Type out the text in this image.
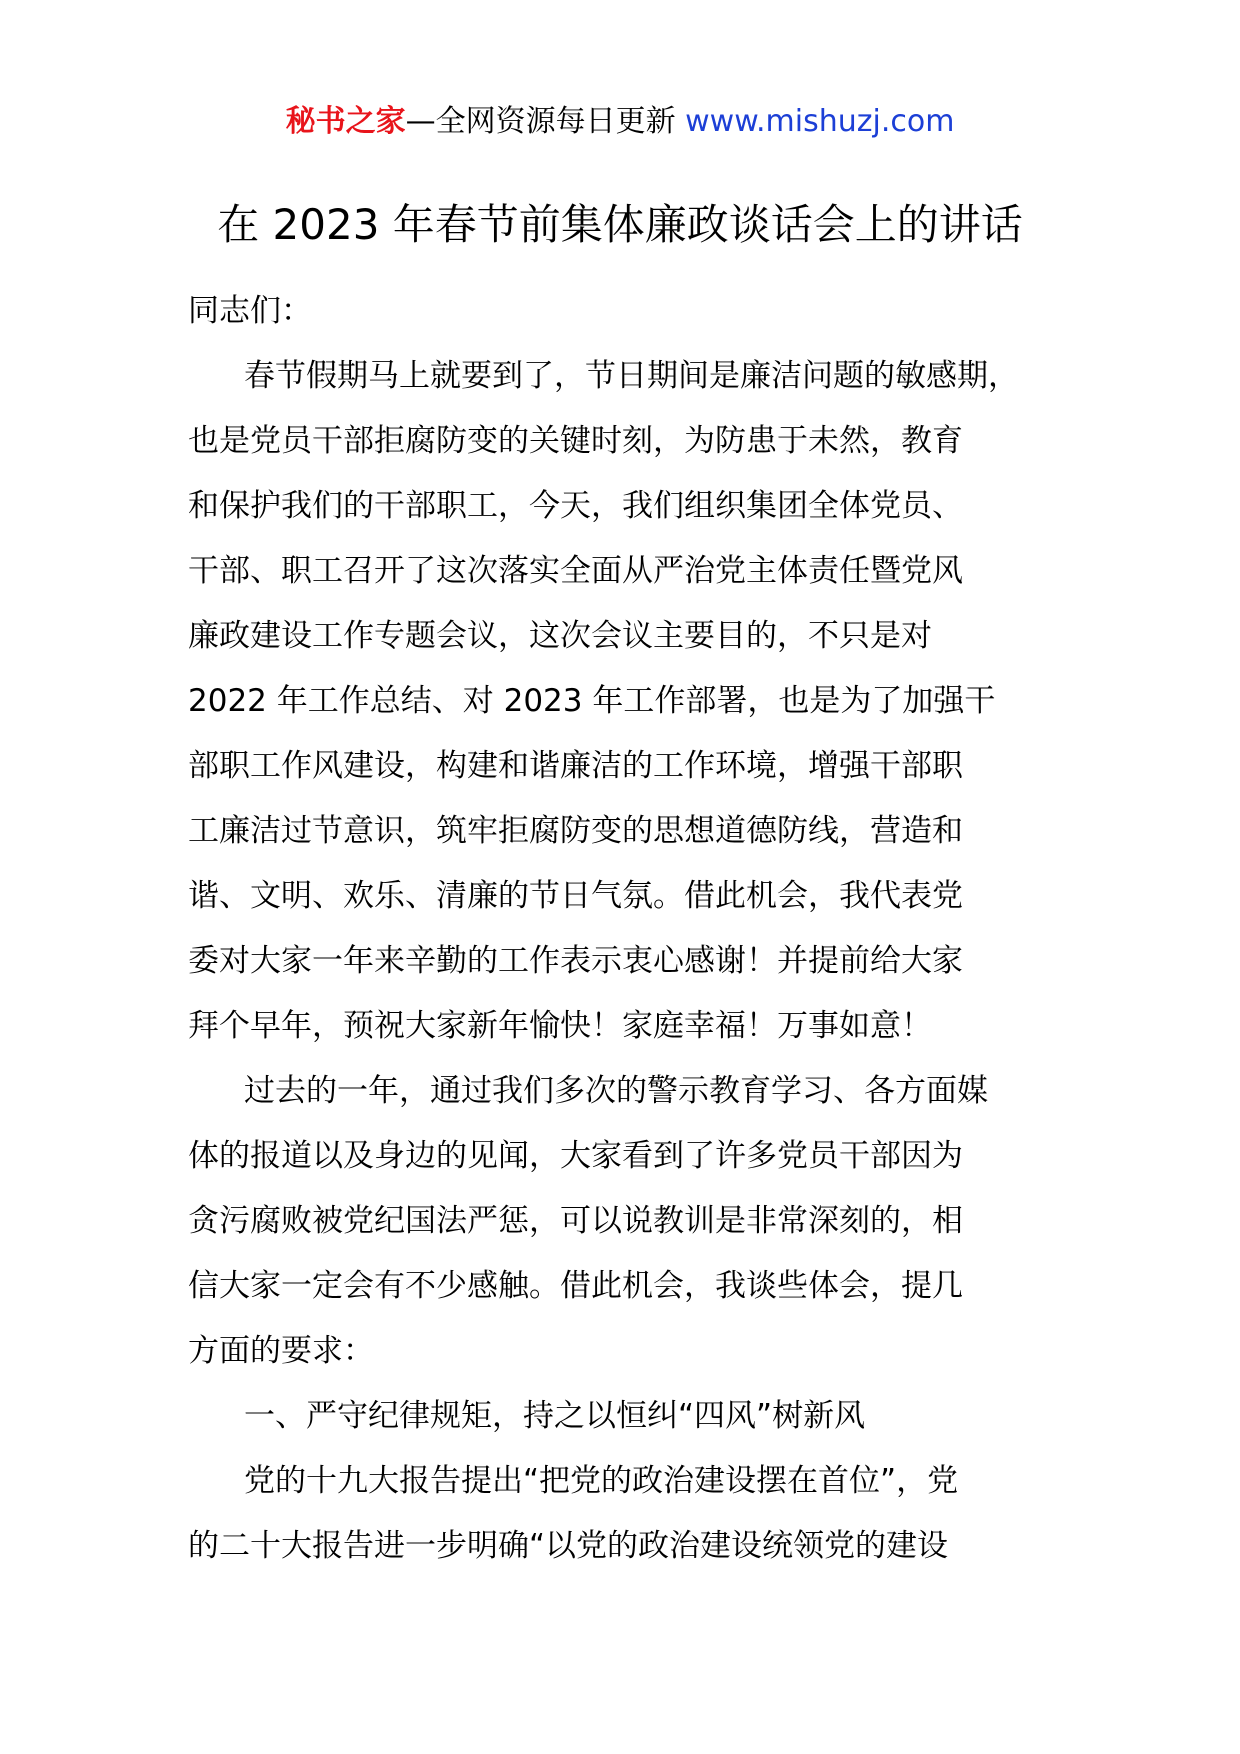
秘书之家—全网资源每日更新 www.mishuzj.com
在 2023 年春节前集体廉政谈话会上的讲话
同志们：
春节假期马上就要到了，节日期间是廉洁问题的敏感期，
也是党员干部拒腐防变的关键时刻，为防患于未然，教育
和保护我们的干部职工，今天，我们组织集团全体党员、
干部、职工召开了这次落实全面从严治党主体责任暨党风
廉政建设工作专题会议，这次会议主要目的，不只是对
2022 年工作总结、对 2023 年工作部署，也是为了加强干
部职工作风建设，构建和谐廉洁的工作环境，增强干部职
工廉洁过节意识，筑牢拒腐防变的思想道德防线，营造和
谐、文明、欢乐、清廉的节日气氛。借此机会，我代表党
委对大家一年来辛勤的工作表示衷心感谢！并提前给大家
拜个早年，预祝大家新年愉快！家庭幸福！万事如意！
过去的一年，通过我们多次的警示教育学习、各方面媒
体的报道以及身边的见闻，大家看到了许多党员干部因为
贪污腐败被党纪国法严惩，可以说教训是非常深刻的，相
信大家一定会有不少感触。借此机会，我谈些体会，提几
方面的要求：
一、严守纪律规矩，持之以恒纠“四风”树新风
党的十九大报告提出“把党的政治建设摆在首位”，党
的二十大报告进一步明确“以党的政治建设统领党的建设
